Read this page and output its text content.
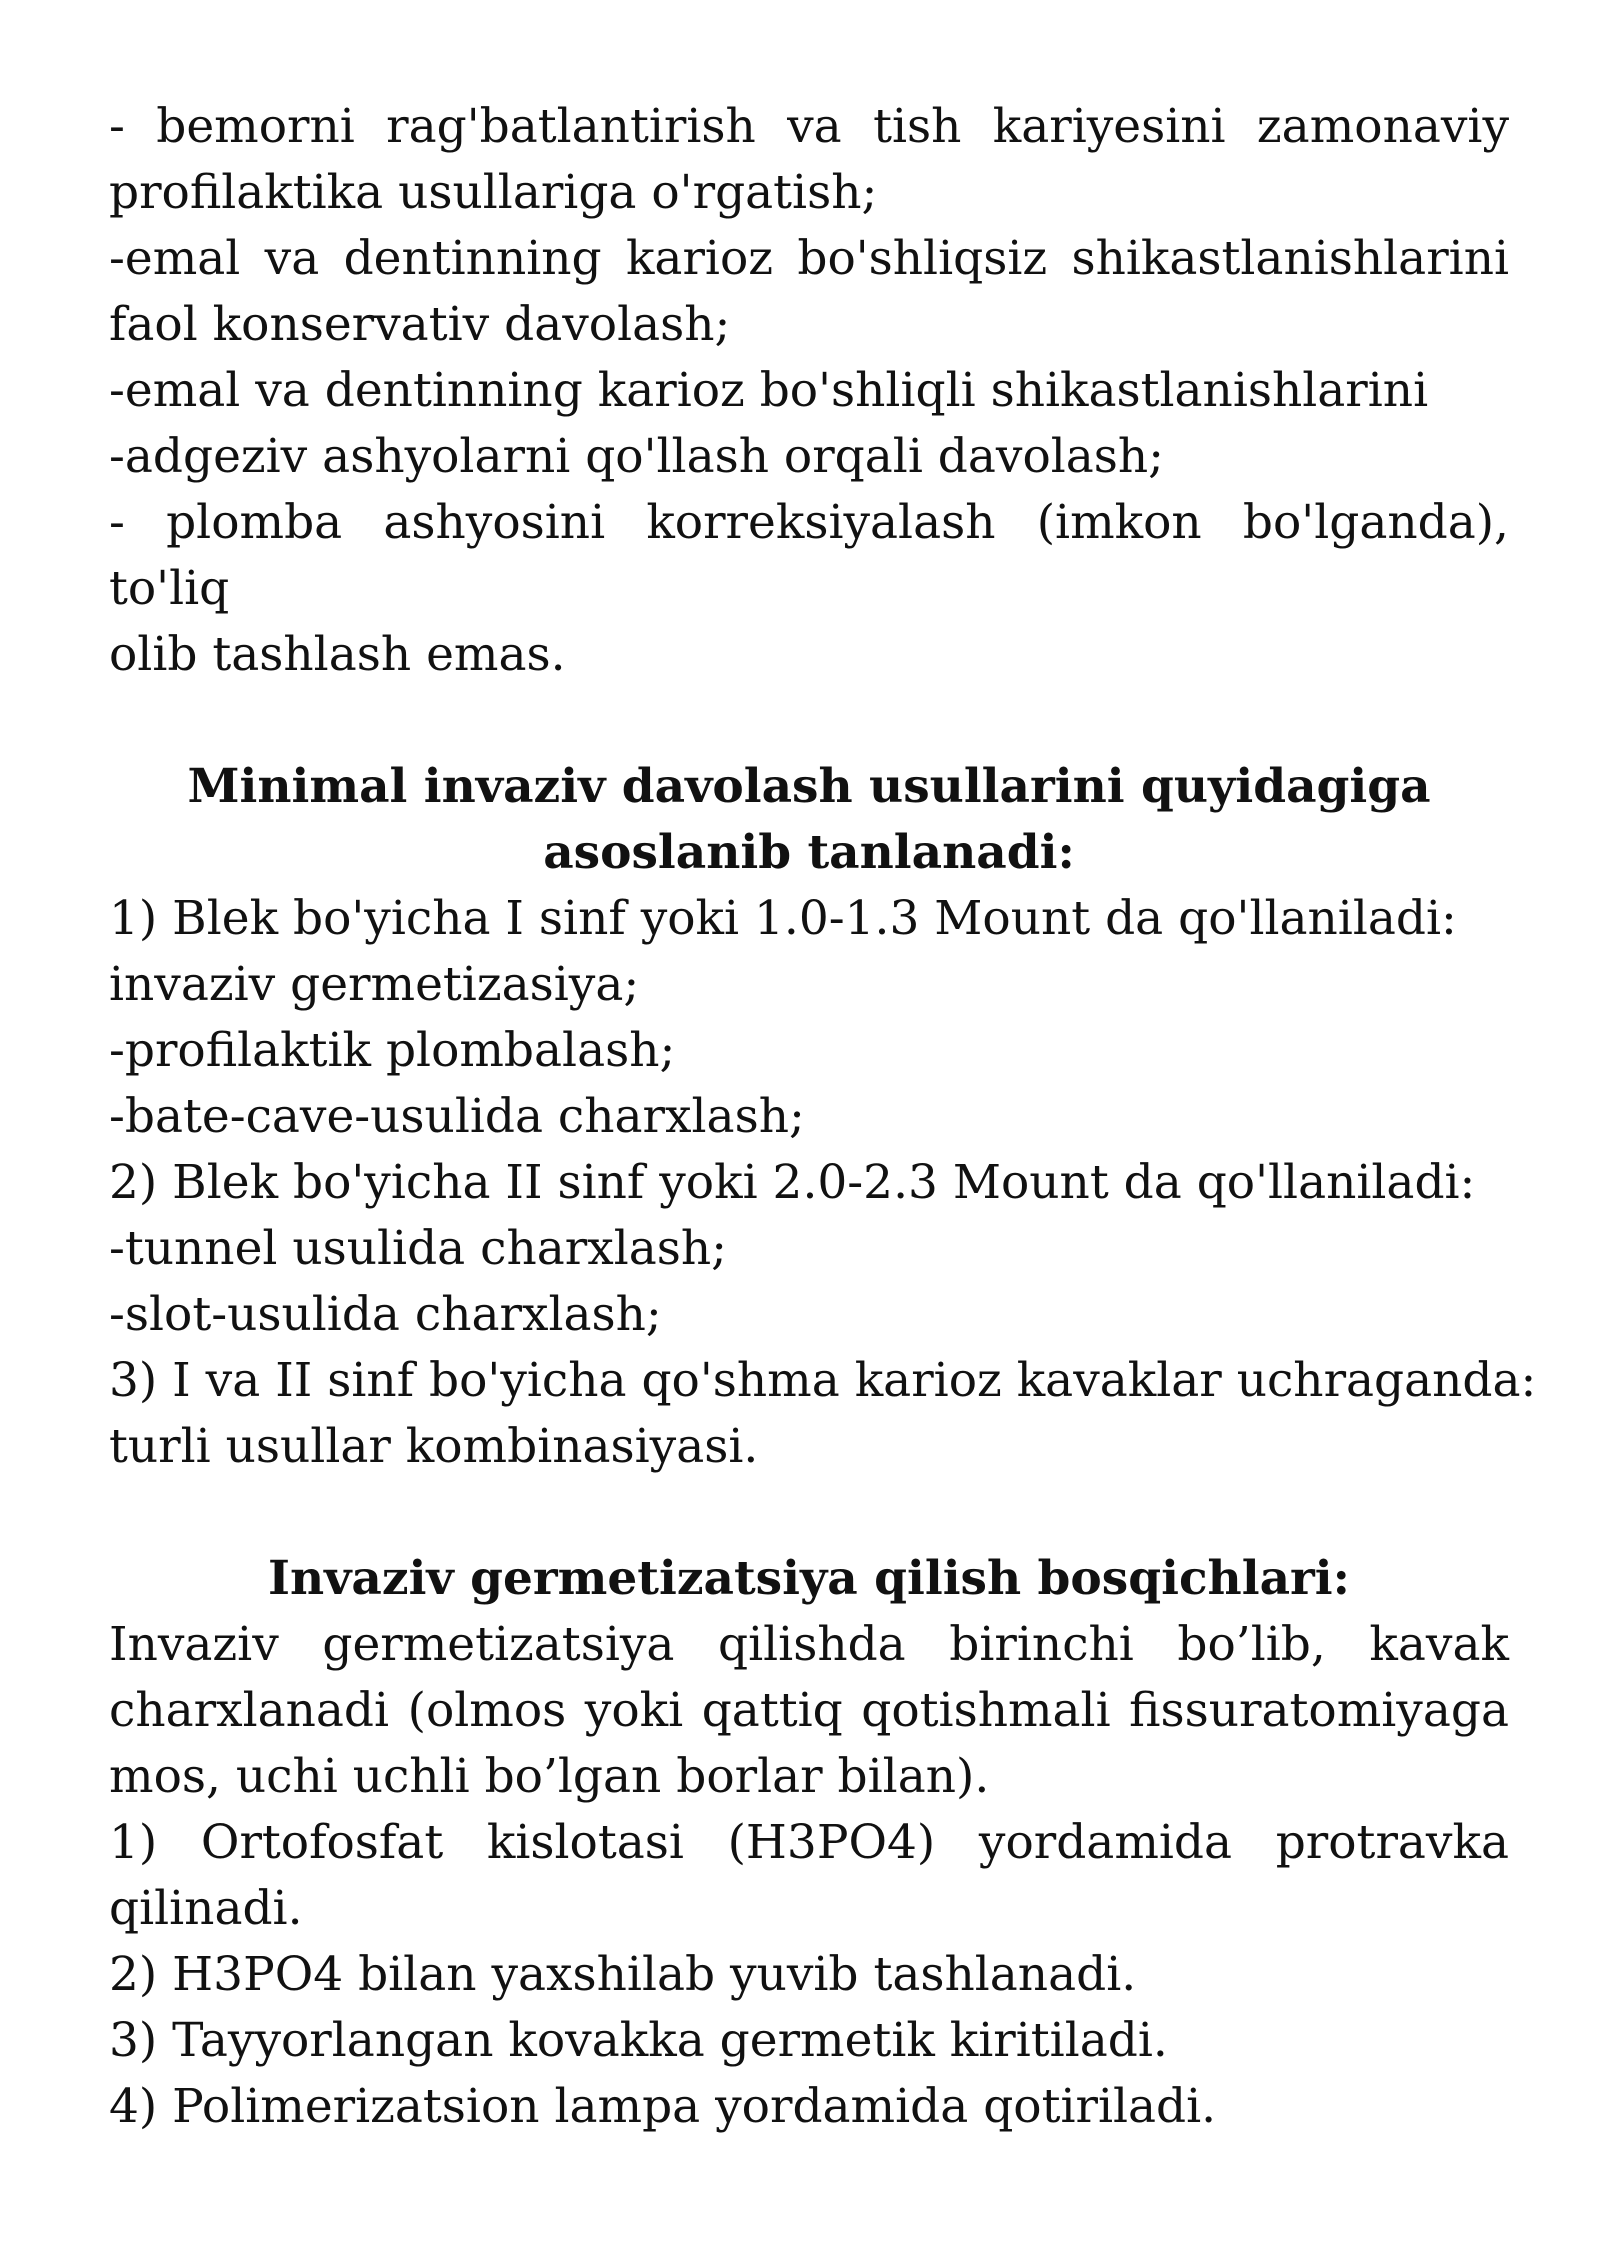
- bemorni rag'batlantirish va tish kariyesini zamonaviy
profilaktika usullariga o'rgatish;
-emal va dentinning karioz bo'shliqsiz shikastlanishlarini
faol konservativ davolash;
-emal va dentinning karioz bo'shliqli shikastlanishlarini
-adgeziv ashyolarni qo'llash orqali davolash;
- plomba ashyosini korreksiyalash (imkon bo'lganda), to'liq
olib tashlash emas.
Minimal invaziv davolash usullarini quyidagiga
asoslanib tanlanadi:
1) Blek bo'yicha I sinf yoki 1.0-1.3 Mount da qo'llaniladi:
invaziv germetizasiya;
-profilaktik plombalash;
-bate-cave-usulida charxlash;
2) Blek bo'yicha II sinf yoki 2.0-2.3 Mount da qo'llaniladi:
-tunnel usulida charxlash;
-slot-usulida charxlash;
3) I va II sinf bo'yicha qo'shma karioz kavaklar uchraganda:
turli usullar kombinasiyasi.
Invaziv germetizatsiya qilish bosqichlari:
Invaziv germetizatsiya qilishda birinchi bo’lib, kavak
charxlanadi (olmos yoki qattiq qotishmali fissuratomiyaga
mos, uchi uchli bo’lgan borlar bilan).
1) Ortofosfat kislotasi (H3PO4) yordamida protravka
qilinadi.
2) H3PO4 bilan yaxshilab yuvib tashlanadi.
3) Tayyorlangan kovakka germetik kiritiladi.
4) Polimerizatsion lampa yordamida qotiriladi.
